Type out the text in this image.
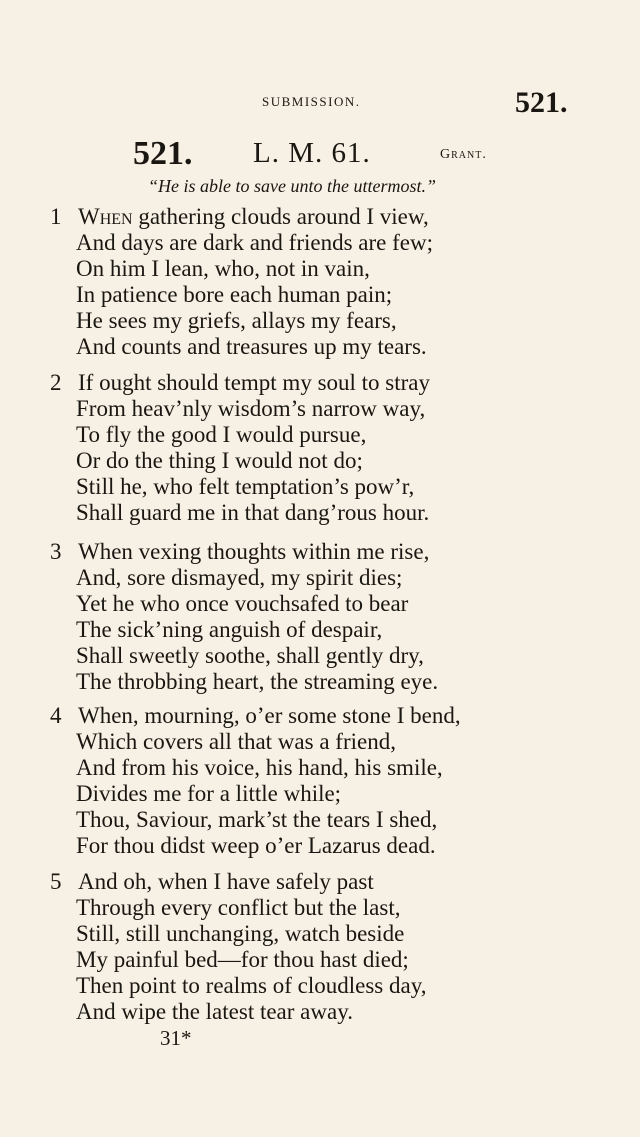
SUBMISSION.	521.
521. L. M. 61.	Grant.
“He is able to save unto the uttermost.”
1 When gathering clouds around I view,
And days are dark and friends are few;
On him I lean, who, not in vain,
In patience bore each human pain;
He sees my griefs, allays my fears,
And counts and treasures up my tears.
2 If ought should tempt my soul to stray
From heav’nly wisdom’s narrow way,
To fly the good I would pursue,
Or do the thing I would not do;
Still he, who felt temptation’s pow’r,
Shall guard me in that dang’rous hour.
3 When vexing thoughts within me rise,
And, sore dismayed, my spirit dies;
Yet he who once vouchsafed to bear
The sick’ning anguish of despair,
Shall sweetly soothe, shall gently dry,
The throbbing heart, the streaming eye.
4 When, mourning, o’er some stone I bend,
Which covers all that was a friend,
And from his voice, his hand, his smile,
Divides me for a little while;
Thou, Saviour, mark’st the tears I shed,
For thou didst weep o’er Lazarus dead.
5 And oh, when I have safely past
Through every conflict but the last,
Still, still unchanging, watch beside
My painful bed—for thou hast died;
Then point to realms of cloudless day,
And wipe the latest tear away.
31*
